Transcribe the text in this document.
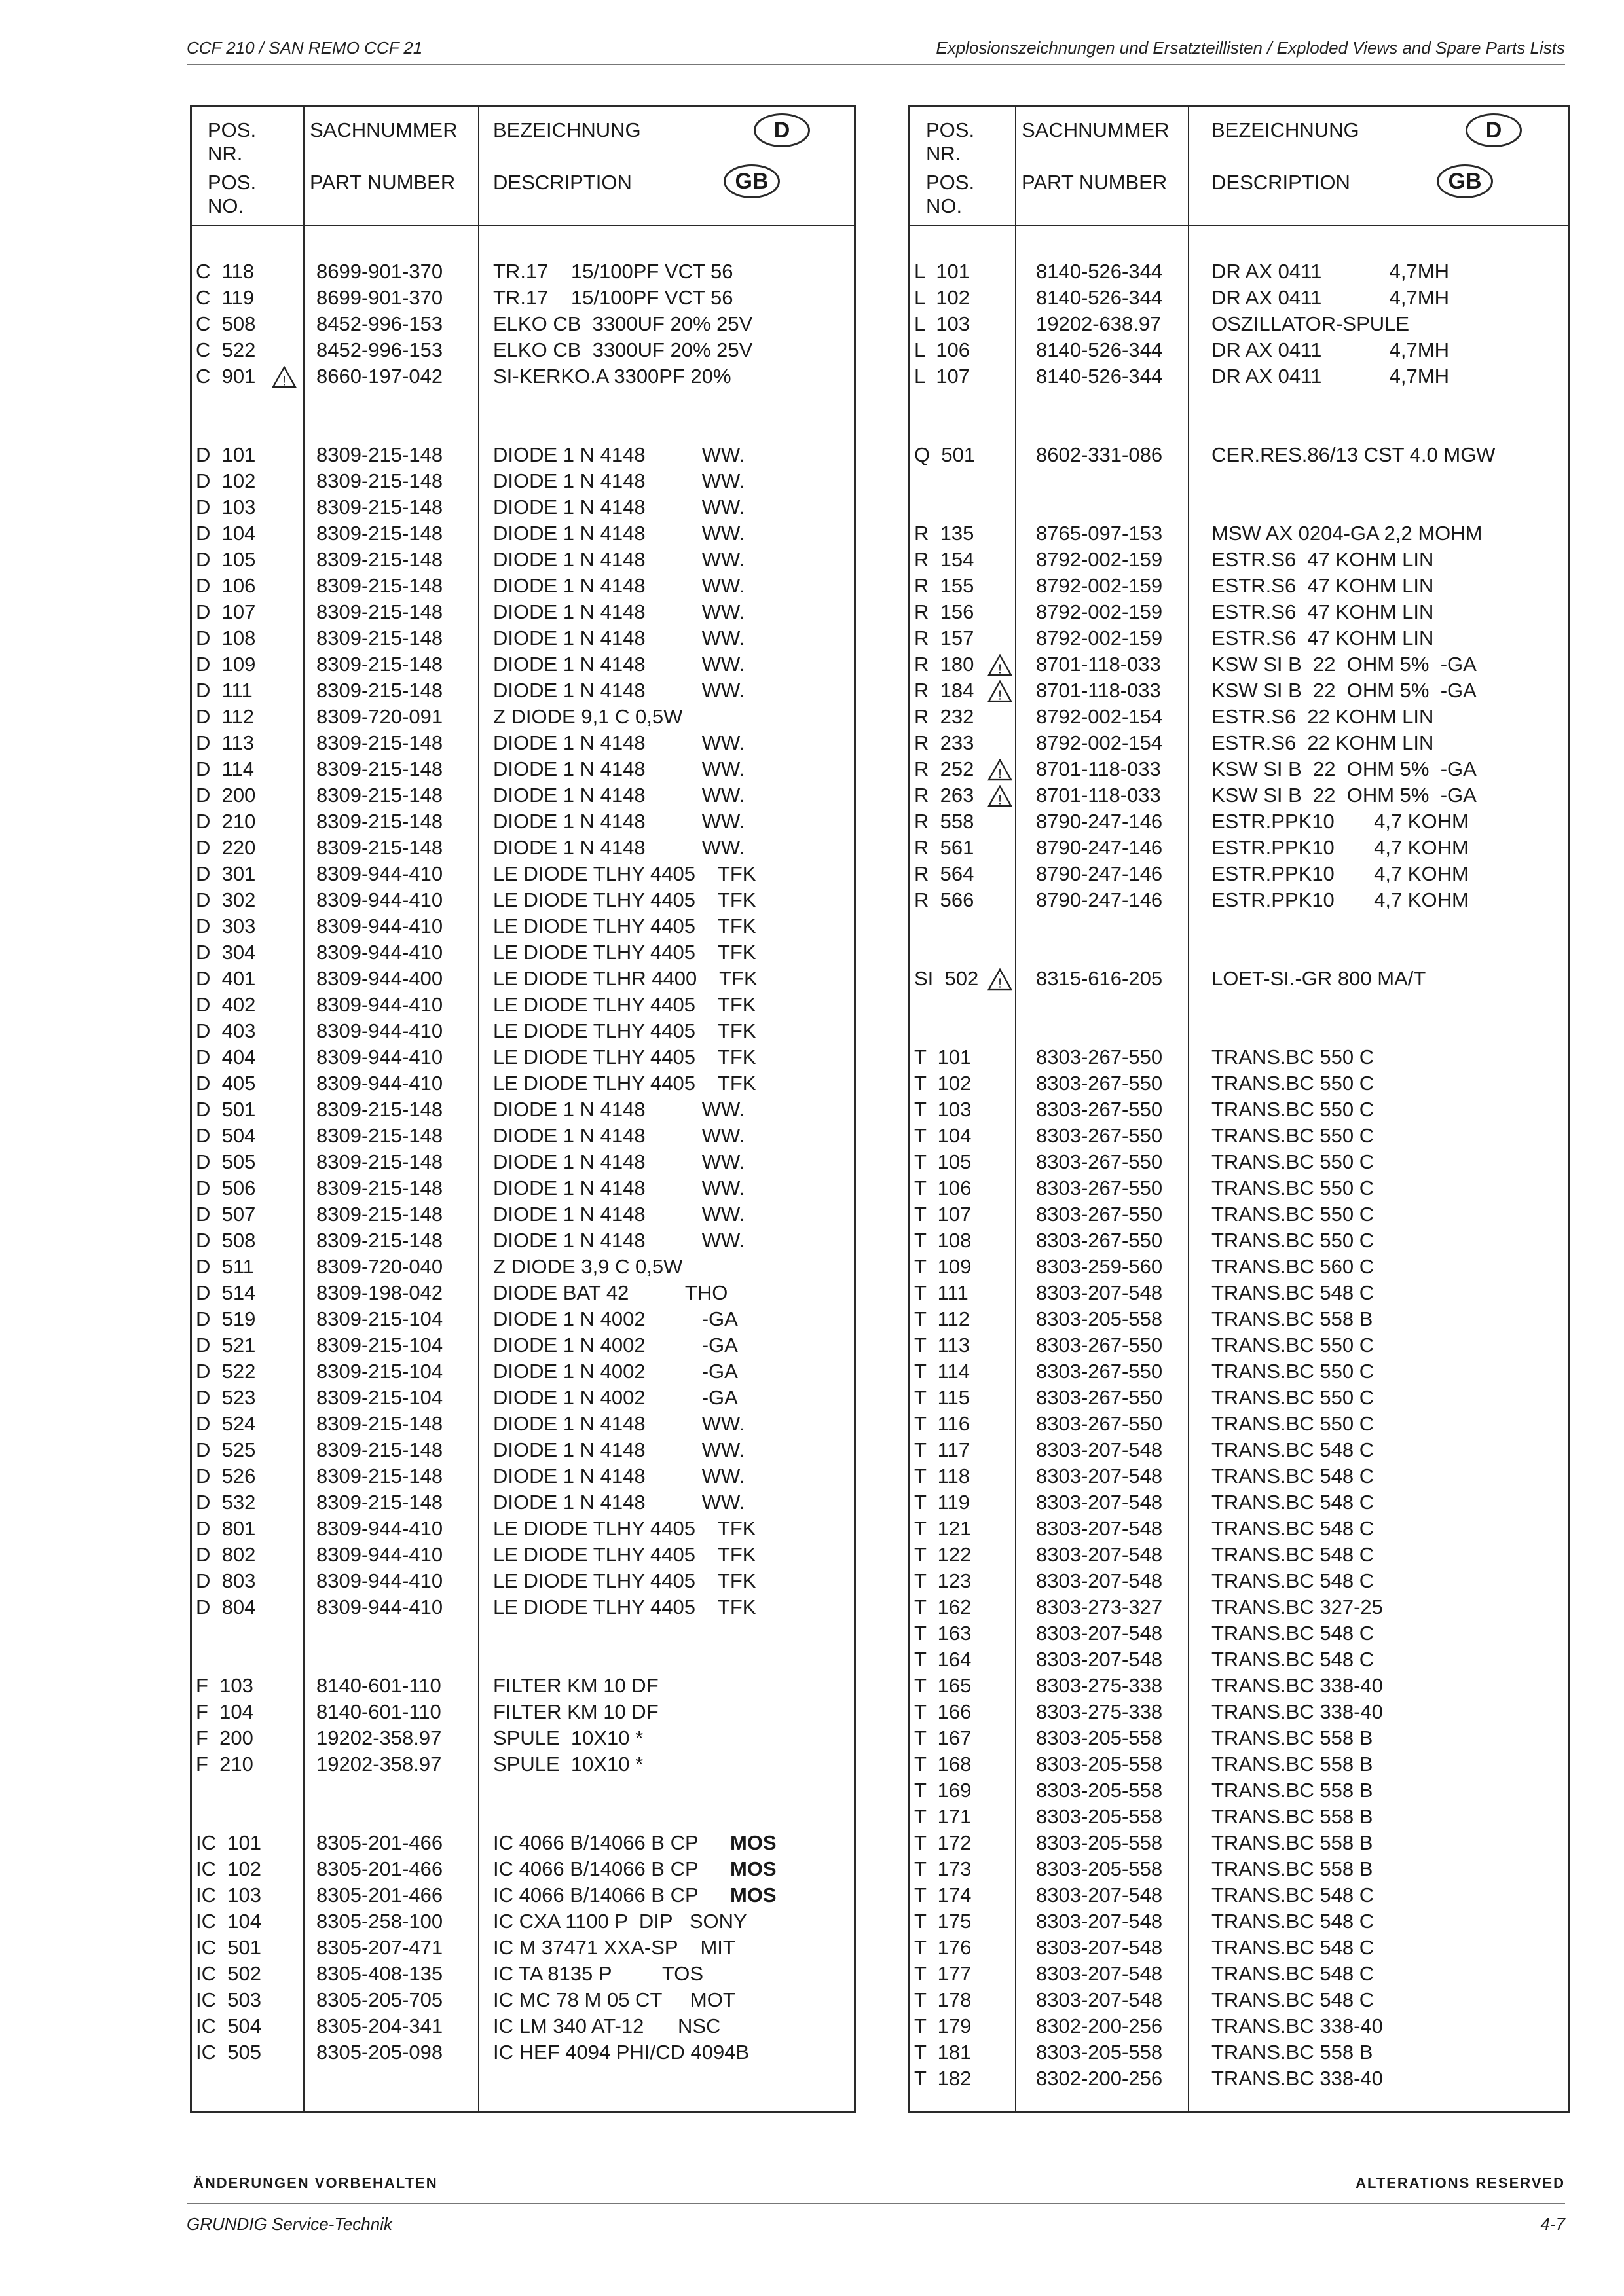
CCF 210 / SAN REMO CCF 21	Explosionszeichnungen und Ersatzteillisten / Exploded Views and Spare Parts Lists
POS.
NR.
POS.
NO.
SACHNUMMER
PART NUMBER
BEZEICHNUNG
DESCRIPTION
D
GB
C  118	8699-901-370 TR.17    15/100PF VCT 56
C  119	8699-901-370 TR.17    15/100PF VCT 56
C  508	8452-996-153 ELKO CB  3300UF 20% 25V
C  522	8452-996-153 ELKO CB  3300UF 20% 25V
C  901	8660-197-042 SI-KERKO.A 3300PF 20%
!
D  101	8309-215-148 DIODE 1 N 4148          WW.
D  102	8309-215-148 DIODE 1 N 4148          WW.
D  103	8309-215-148 DIODE 1 N 4148          WW.
D  104	8309-215-148 DIODE 1 N 4148          WW.
D  105	8309-215-148 DIODE 1 N 4148          WW.
D  106	8309-215-148 DIODE 1 N 4148          WW.
D  107	8309-215-148 DIODE 1 N 4148          WW.
D  108	8309-215-148 DIODE 1 N 4148          WW.
D  109	8309-215-148 DIODE 1 N 4148          WW.
D  111	8309-215-148 DIODE 1 N 4148          WW.
D  112	8309-720-091 Z DIODE 9,1 C 0,5W
D  113	8309-215-148 DIODE 1 N 4148          WW.
D  114	8309-215-148 DIODE 1 N 4148          WW.
D  200	8309-215-148 DIODE 1 N 4148          WW.
D  210	8309-215-148 DIODE 1 N 4148          WW.
D  220	8309-215-148 DIODE 1 N 4148          WW.
D  301	8309-944-410 LE DIODE TLHY 4405    TFK
D  302	8309-944-410 LE DIODE TLHY 4405    TFK
D  303	8309-944-410 LE DIODE TLHY 4405    TFK
D  304	8309-944-410 LE DIODE TLHY 4405    TFK
D  401	8309-944-400 LE DIODE TLHR 4400    TFK
D  402	8309-944-410 LE DIODE TLHY 4405    TFK
D  403	8309-944-410 LE DIODE TLHY 4405    TFK
D  404	8309-944-410 LE DIODE TLHY 4405    TFK
D  405	8309-944-410 LE DIODE TLHY 4405    TFK
D  501	8309-215-148 DIODE 1 N 4148          WW.
D  504	8309-215-148 DIODE 1 N 4148          WW.
D  505	8309-215-148 DIODE 1 N 4148          WW.
D  506	8309-215-148 DIODE 1 N 4148          WW.
D  507	8309-215-148 DIODE 1 N 4148          WW.
D  508	8309-215-148 DIODE 1 N 4148          WW.
D  511	8309-720-040 Z DIODE 3,9 C 0,5W
D  514	8309-198-042 DIODE BAT 42          THO
D  519	8309-215-104 DIODE 1 N 4002          -GA
D  521	8309-215-104 DIODE 1 N 4002          -GA
D  522	8309-215-104 DIODE 1 N 4002          -GA
D  523	8309-215-104 DIODE 1 N 4002          -GA
D  524	8309-215-148 DIODE 1 N 4148          WW.
D  525	8309-215-148 DIODE 1 N 4148          WW.
D  526	8309-215-148 DIODE 1 N 4148          WW.
D  532	8309-215-148 DIODE 1 N 4148          WW.
D  801	8309-944-410 LE DIODE TLHY 4405    TFK
D  802	8309-944-410 LE DIODE TLHY 4405    TFK
D  803	8309-944-410 LE DIODE TLHY 4405    TFK
D  804	8309-944-410 LE DIODE TLHY 4405    TFK
F  103	8140-601-110	FILTER KM 10 DF
F  104	8140-601-110	FILTER KM 10 DF
F  200	19202-358.97	SPULE  10X10 *
F  210	19202-358.97	SPULE  10X10 *
IC  101	8305-201-466 IC 4066 B/14066 B CP MOS
IC  102	8305-201-466 IC 4066 B/14066 B CP MOS
IC  103	8305-201-466 IC 4066 B/14066 B CP MOS
IC  104	8305-258-100 IC CXA 1100 P  DIP   SONY
IC  501	8305-207-471 IC M 37471 XXA-SP    MIT
IC  502	8305-408-135 IC TA 8135 P         TOS
IC  503	8305-205-705 IC MC 78 M 05 CT     MOT
IC  504	8305-204-341 IC LM 340 AT-12      NSC
IC  505	8305-205-098 IC HEF 4094 PHI/CD 4094B
POS.
NR.
POS.
NO.
SACHNUMMER
PART NUMBER
BEZEICHNUNG
DESCRIPTION
D
GB
L  101	8140-526-344 DR AX 0411            4,7MH
L  102	8140-526-344 DR AX 0411            4,7MH
L  103	19202-638.97 OSZILLATOR-SPULE
L  106	8140-526-344 DR AX 0411            4,7MH
L  107	8140-526-344 DR AX 0411            4,7MH
Q  501	8602-331-086 CER.RES.86/13 CST 4.0 MGW
R  135	8765-097-153 MSW AX 0204-GA 2,2 MOHM
R  154	8792-002-159 ESTR.S6  47 KOHM LIN
R  155	8792-002-159 ESTR.S6  47 KOHM LIN
R  156	8792-002-159 ESTR.S6  47 KOHM LIN
R  157	8792-002-159 ESTR.S6  47 KOHM LIN
R  180	8701-118-033 KSW SI B  22  OHM 5%  -GA
!
R  184	8701-118-033 KSW SI B  22  OHM 5%  -GA
!
R  232	8792-002-154 ESTR.S6  22 KOHM LIN
R  233	8792-002-154 ESTR.S6  22 KOHM LIN
R  252	8701-118-033 KSW SI B  22  OHM 5%  -GA
!
R  263	8701-118-033 KSW SI B  22  OHM 5%  -GA
!
R  558	8790-247-146 ESTR.PPK10       4,7 KOHM
R  561	8790-247-146 ESTR.PPK10       4,7 KOHM
R  564	8790-247-146 ESTR.PPK10       4,7 KOHM
R  566	8790-247-146 ESTR.PPK10       4,7 KOHM
SI  502	8315-616-205 LOET-SI.-GR 800 MA/T
!
T  101	8303-267-550 TRANS.BC 550 C
T  102	8303-267-550 TRANS.BC 550 C
T  103	8303-267-550 TRANS.BC 550 C
T  104	8303-267-550 TRANS.BC 550 C
T  105	8303-267-550 TRANS.BC 550 C
T  106	8303-267-550 TRANS.BC 550 C
T  107	8303-267-550 TRANS.BC 550 C
T  108	8303-267-550 TRANS.BC 550 C
T  109	8303-259-560 TRANS.BC 560 C
T  111	8303-207-548 TRANS.BC 548 C
T  112	8303-205-558 TRANS.BC 558 B
T  113	8303-267-550 TRANS.BC 550 C
T  114	8303-267-550 TRANS.BC 550 C
T  115	8303-267-550 TRANS.BC 550 C
T  116	8303-267-550 TRANS.BC 550 C
T  117	8303-207-548 TRANS.BC 548 C
T  118	8303-207-548 TRANS.BC 548 C
T  119	8303-207-548 TRANS.BC 548 C
T  121	8303-207-548 TRANS.BC 548 C
T  122	8303-207-548 TRANS.BC 548 C
T  123	8303-207-548 TRANS.BC 548 C
T  162	8303-273-327 TRANS.BC 327-25
T  163	8303-207-548 TRANS.BC 548 C
T  164	8303-207-548 TRANS.BC 548 C
T  165	8303-275-338 TRANS.BC 338-40
T  166	8303-275-338 TRANS.BC 338-40
T  167	8303-205-558 TRANS.BC 558 B
T  168	8303-205-558 TRANS.BC 558 B
T  169	8303-205-558 TRANS.BC 558 B
T  171	8303-205-558 TRANS.BC 558 B
T  172	8303-205-558 TRANS.BC 558 B
T  173	8303-205-558 TRANS.BC 558 B
T  174	8303-207-548 TRANS.BC 548 C
T  175	8303-207-548 TRANS.BC 548 C
T  176	8303-207-548 TRANS.BC 548 C
T  177	8303-207-548 TRANS.BC 548 C
T  178	8303-207-548 TRANS.BC 548 C
T  179	8302-200-256 TRANS.BC 338-40
T  181	8303-205-558 TRANS.BC 558 B
T  182	8302-200-256 TRANS.BC 338-40
ÄNDERUNGEN VORBEHALTEN	ALTERATIONS RESERVED
GRUNDIG Service-Technik	4-7
